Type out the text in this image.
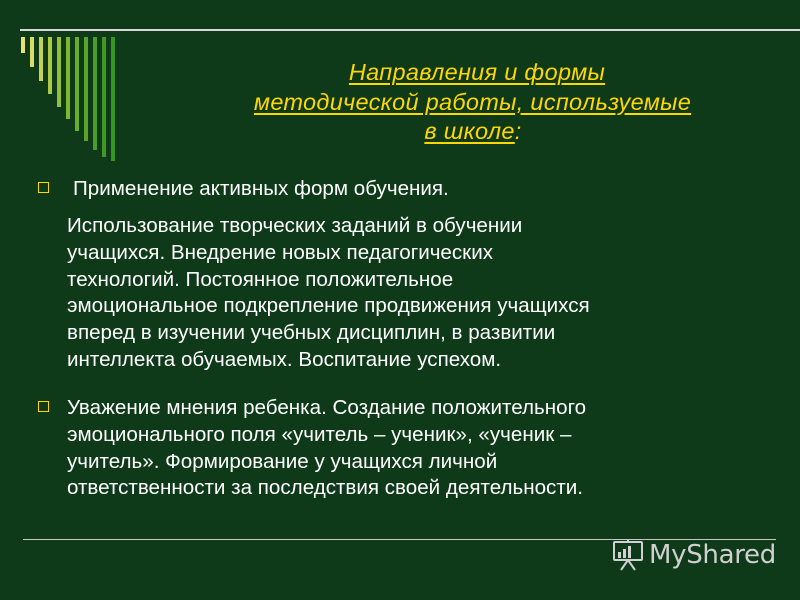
Направления и формы
методической работы, используемые
в школе:
Применение активных форм обучения.
Использование творческих заданий в обучении
учащихся. Внедрение новых педагогических
технологий. Постоянное положительное
эмоциональное подкрепление продвижения учащихся
вперед в изучении учебных дисциплин, в развитии
интеллекта обучаемых. Воспитание успехом.
Уважение мнения ребенка. Создание положительного
эмоционального поля «учитель – ученик», «ученик –
учитель». Формирование у учащихся личной
ответственности за последствия своей деятельности.
MyShared
